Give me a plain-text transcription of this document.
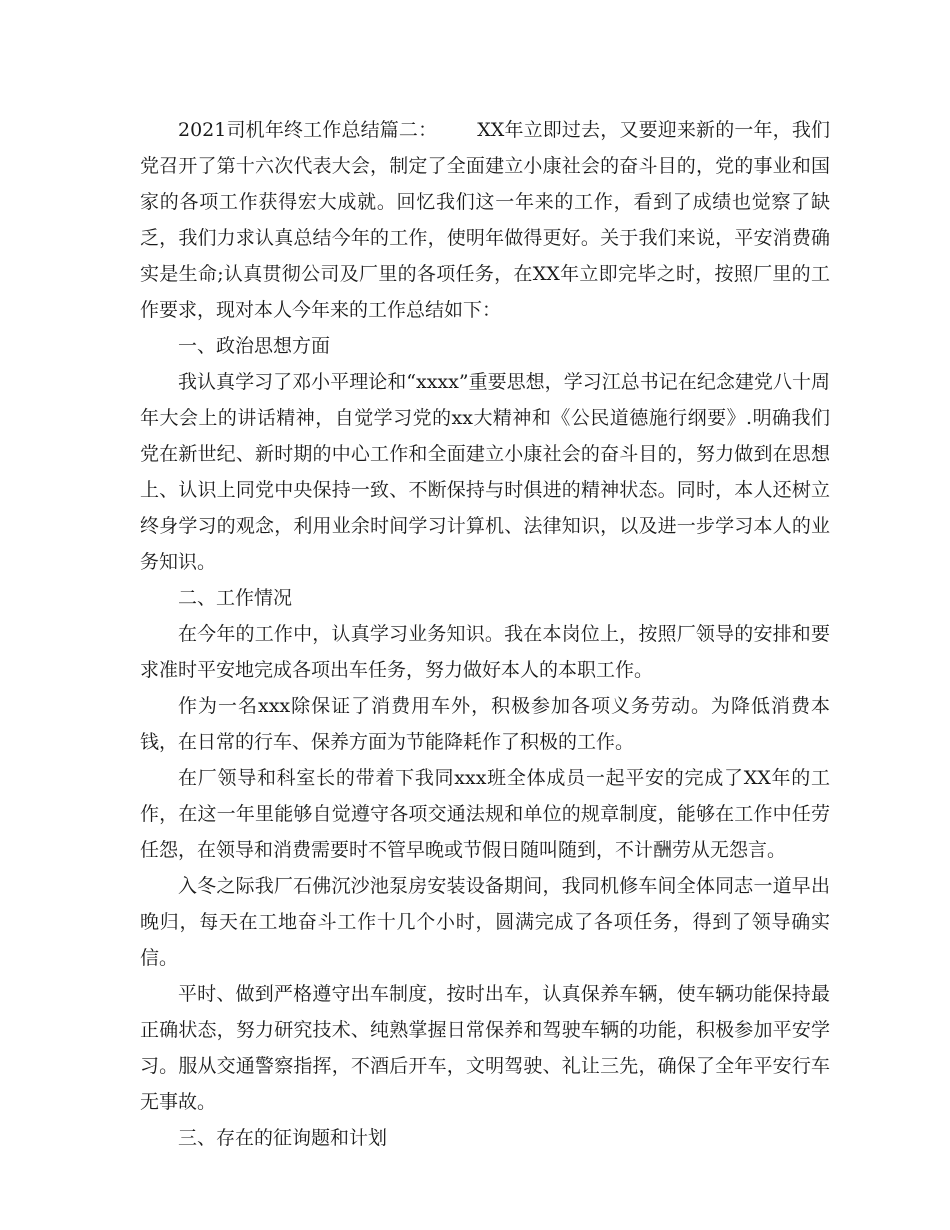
2021司机年终工作总结篇二： XX年立即过去，又要迎来新的一年，我们党召开了第十六次代表大会，制定了全面建立小康社会的奋斗目的，党的事业和国家的各项工作获得宏大成就。回忆我们这一年来的工作，看到了成绩也觉察了缺乏，我们力求认真总结今年的工作，使明年做得更好。关于我们来说，平安消费确实是生命;认真贯彻公司及厂里的各项任务，在XX年立即完毕之时，按照厂里的工作要求，现对本人今年来的工作总结如下：

一、政治思想方面

我认真学习了邓小平理论和“xxxx”重要思想，学习江总书记在纪念建党八十周年大会上的讲话精神，自觉学习党的xx大精神和《公民道德施行纲要》.明确我们党在新世纪、新时期的中心工作和全面建立小康社会的奋斗目的，努力做到在思想上、认识上同党中央保持一致、不断保持与时俱进的精神状态。同时，本人还树立终身学习的观念，利用业余时间学习计算机、法律知识，以及进一步学习本人的业务知识。

二、工作情况

在今年的工作中，认真学习业务知识。我在本岗位上，按照厂领导的安排和要求准时平安地完成各项出车任务，努力做好本人的本职工作。

作为一名xxx除保证了消费用车外，积极参加各项义务劳动。为降低消费本钱，在日常的行车、保养方面为节能降耗作了积极的工作。

在厂领导和科室长的带着下我同xxx班全体成员一起平安的完成了XX年的工作，在这一年里能够自觉遵守各项交通法规和单位的规章制度，能够在工作中任劳任怨，在领导和消费需要时不管早晚或节假日随叫随到，不计酬劳从无怨言。

入冬之际我厂石佛沉沙池泵房安装设备期间，我同机修车间全体同志一道早出晚归，每天在工地奋斗工作十几个小时，圆满完成了各项任务，得到了领导确实信。

平时、做到严格遵守出车制度，按时出车，认真保养车辆，使车辆功能保持最正确状态，努力研究技术、纯熟掌握日常保养和驾驶车辆的功能，积极参加平安学习。服从交通警察指挥，不酒后开车，文明驾驶、礼让三先，确保了全年平安行车无事故。

三、存在的征询题和计划
